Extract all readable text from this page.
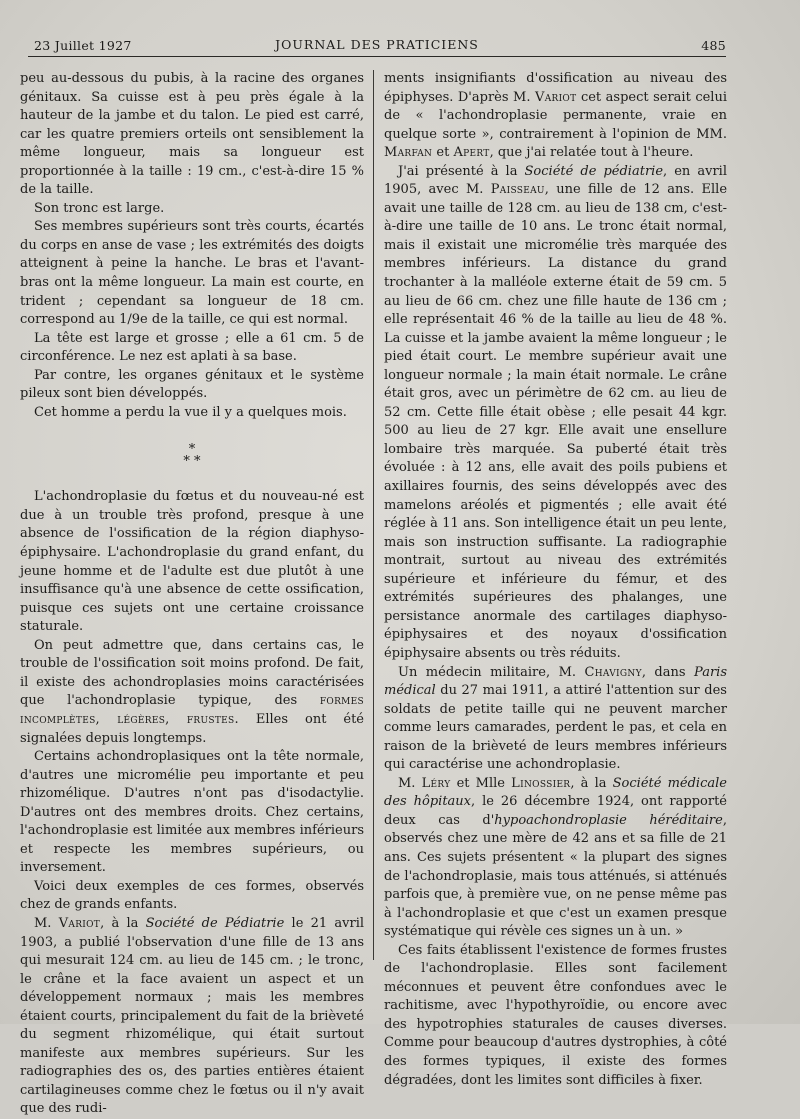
23 Juillet 1927	JOURNAL DES PRATICIENS	485

peu au-dessous du pubis, à la racine des organes génitaux. Sa cuisse est à peu près égale à la hauteur de la jambe et du talon. Le pied est carré, car les quatre premiers orteils ont sensiblement la même longueur, mais sa longueur est proportionnée à la taille : 19 cm., c'est-à-dire 15 % de la taille.

Son tronc est large.

Ses membres supérieurs sont très courts, écartés du corps en anse de vase ; les extrémités des doigts atteignent à peine la hanche. Le bras et l'avant-bras ont la même longueur. La main est courte, en trident ; cependant sa longueur de 18 cm. correspond au 1/9e de la taille, ce qui est normal.

La tête est large et grosse ; elle a 61 cm. 5 de circonférence. Le nez est aplati à sa base.

Par contre, les organes génitaux et le système pileux sont bien développés.

Cet homme a perdu la vue il y a quelques mois.

*
* *

L'achondroplasie du fœtus et du nouveau-né est due à un trouble très profond, presque à une absence de l'ossification de la région diaphyso-épiphysaire. L'achondroplasie du grand enfant, du jeune homme et de l'adulte est due plutôt à une insuffisance qu'à une absence de cette ossification, puisque ces sujets ont une certaine croissance staturale.

On peut admettre que, dans certains cas, le trouble de l'ossification soit moins profond. De fait, il existe des achondroplasies moins caractérisées que l'achondroplasie typique, des formes incomplètes, légères, frustes. Elles ont été signalées depuis longtemps.

Certains achondroplasiques ont la tête normale, d'autres une micromélie peu importante et peu rhizomélique. D'autres n'ont pas d'isodactylie. D'autres ont des membres droits. Chez certains, l'achondroplasie est limitée aux membres inférieurs et respecte les membres supérieurs, ou inversement.

Voici deux exemples de ces formes, observés chez de grands enfants.

M. Variot, à la Société de Pédiatrie le 21 avril 1903, a publié l'observation d'une fille de 13 ans qui mesurait 124 cm. au lieu de 145 cm. ; le tronc, le crâne et la face avaient un aspect et un développement normaux ; mais les membres étaient courts, principalement du fait de la brièveté du segment rhizomélique, qui était surtout manifeste aux membres supérieurs. Sur les radiographies des os, des parties entières étaient cartilagineuses comme chez le fœtus ou il n'y avait que des rudi-

ments insignifiants d'ossification au niveau des épiphyses. D'après M. Variot cet aspect serait celui de « l'achondroplasie permanente, vraie en quelque sorte », contrairement à l'opinion de MM. Marfan et Apert, que j'ai relatée tout à l'heure.

J'ai présenté à la Société de pédiatrie, en avril 1905, avec M. Paisseau, une fille de 12 ans. Elle avait une taille de 128 cm. au lieu de 138 cm, c'est-à-dire une taille de 10 ans. Le tronc était normal, mais il existait une micromélie très marquée des membres inférieurs. La distance du grand trochanter à la malléole externe était de 59 cm. 5 au lieu de 66 cm. chez une fille haute de 136 cm ; elle représentait 46 % de la taille au lieu de 48 %. La cuisse et la jambe avaient la même longueur ; le pied était court. Le membre supérieur avait une longueur normale ; la main était normale. Le crâne était gros, avec un périmètre de 62 cm. au lieu de 52 cm. Cette fille était obèse ; elle pesait 44 kgr. 500 au lieu de 27 kgr. Elle avait une ensellure lombaire très marquée. Sa puberté était très évoluée : à 12 ans, elle avait des poils pubiens et axillaires fournis, des seins développés avec des mamelons aréolés et pigmentés ; elle avait été réglée à 11 ans. Son intelligence était un peu lente, mais son instruction suffisante. La radiographie montrait, surtout au niveau des extrémités supérieure et inférieure du fémur, et des extrémités supérieures des phalanges, une persistance anormale des cartilages diaphyso-épiphysaires et des noyaux d'ossification épiphysaire absents ou très réduits.

Un médecin militaire, M. Chavigny, dans Paris médical du 27 mai 1911, a attiré l'attention sur des soldats de petite taille qui ne peuvent marcher comme leurs camarades, perdent le pas, et cela en raison de la brièveté de leurs membres inférieurs qui caractérise une achondroplasie.

M. Léry et Mlle Linossier, à la Société médicale des hôpitaux, le 26 décembre 1924, ont rapporté deux cas d'hypoachondroplasie héréditaire, observés chez une mère de 42 ans et sa fille de 21 ans. Ces sujets présentent « la plupart des signes de l'achondroplasie, mais tous atténués, si atténués parfois que, à première vue, on ne pense même pas à l'achondroplasie et que c'est un examen presque systématique qui révèle ces signes un à un. »

Ces faits établissent l'existence de formes frustes de l'achondroplasie. Elles sont facilement méconnues et peuvent être confondues avec le rachitisme, avec l'hypothyroïdie, ou encore avec des hypotrophies staturales de causes diverses. Comme pour beaucoup d'autres dystrophies, à côté des formes typiques, il existe des formes dégradées, dont les limites sont difficiles à fixer.
